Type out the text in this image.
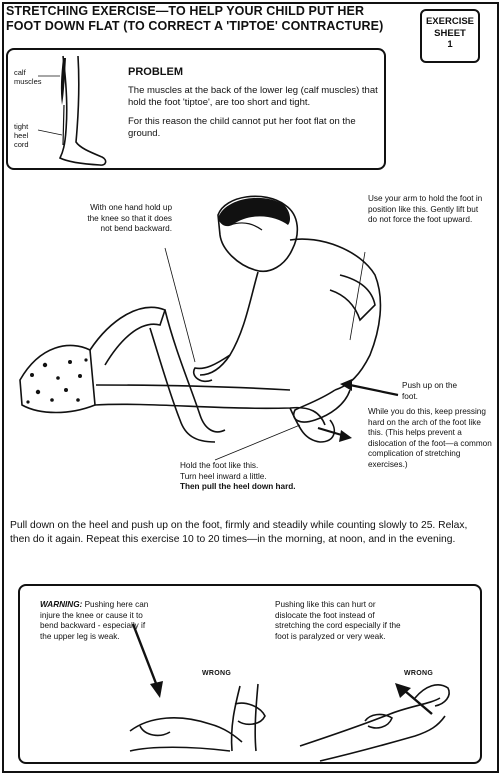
STRETCHING EXERCISE—TO HELP YOUR CHILD PUT HER
FOOT DOWN FLAT (TO CORRECT A 'TIPTOE' CONTRACTURE)	EXERCISE
SHEET
1
calf muscles
tight heel cord
PROBLEM

The muscles at the back of the lower leg (calf muscles) that hold the foot 'tiptoe', are too short and tight.

For this reason the child cannot put her foot flat on the ground.

With one hand hold up the knee so that it does not bend backward.
Use your arm to hold the foot in position like this. Gently lift but do not force the foot upward.
Push up on the foot.
While you do this, keep pressing hard on the arch of the foot like this. (This helps prevent a dislocation of the foot—a common complication of stretching exercises.)
Hold the foot like this.
Turn heel inward a little.
Then pull the heel down hard.
Pull down on the heel and push up on the foot, firmly and steadily while counting slowly to 25. Relax, then do it again. Repeat this exercise 10 to 20 times—in the morning, at noon, and in the evening.
WARNING: Pushing here can injure the knee or cause it to bend backward - especially if the upper leg is weak.
Pushing like this can hurt or dislocate the foot instead of stretching the cord especially if the foot is paralyzed or very weak.
WRONG	WRONG
